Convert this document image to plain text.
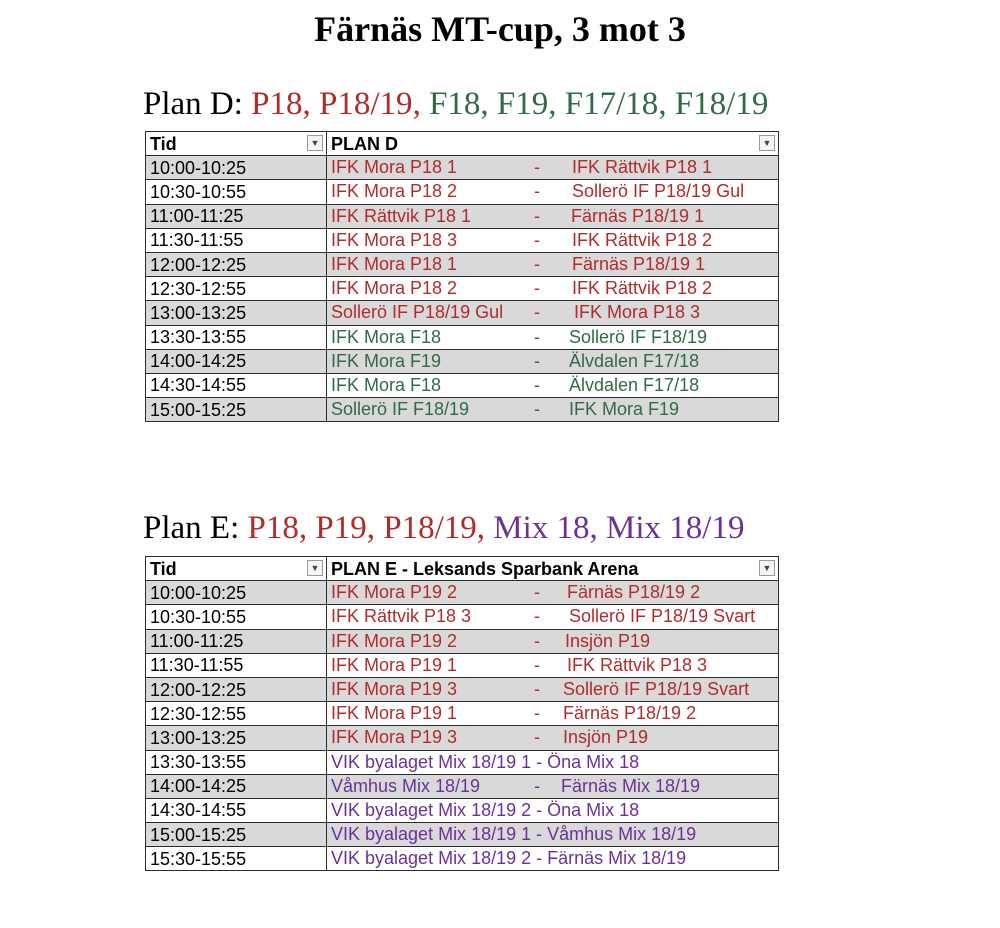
Färnäs MT-cup, 3 mot 3
Plan D: P18, P18/19, F18, F19, F17/18, F18/19
Tid ▼	PLAN D ▼

10:00-10:25	IFK Mora P18 1 - IFK Rättvik P18 1

10:30-10:55	IFK Mora P18 2 - Sollerö IF P18/19 Gul

11:00-11:25	IFK Rättvik P18 1 - Färnäs P18/19 1

11:30-11:55	IFK Mora P18 3 - IFK Rättvik P18 2

12:00-12:25	IFK Mora P18 1 - Färnäs P18/19 1

12:30-12:55	IFK Mora P18 2 - IFK Rättvik P18 2

13:00-13:25	Sollerö IF P18/19 Gul - IFK Mora P18 3

13:30-13:55	IFK Mora F18 - Sollerö IF F18/19

14:00-14:25	IFK Mora F19 - Älvdalen F17/18

14:30-14:55	IFK Mora F18 - Älvdalen F17/18

15:00-15:25	Sollerö IF F18/19 - IFK Mora F19
Plan E: P18, P19, P18/19, Mix 18, Mix 18/19
Tid ▼	PLAN E - Leksands Sparbank Arena ▼

10:00-10:25	IFK Mora P19 2 - Färnäs P18/19 2

10:30-10:55	IFK Rättvik P18 3 - Sollerö IF P18/19 Svart

11:00-11:25	IFK Mora P19 2 - Insjön P19

11:30-11:55	IFK Mora P19 1 - IFK Rättvik P18 3

12:00-12:25	IFK Mora P19 3 - Sollerö IF P18/19 Svart

12:30-12:55	IFK Mora P19 1 - Färnäs P18/19 2

13:00-13:25	IFK Mora P19 3 - Insjön P19

13:30-13:55	VIK byalaget Mix 18/19 1 - Öna Mix 18

14:00-14:25	Våmhus Mix 18/19 - Färnäs Mix 18/19

14:30-14:55	VIK byalaget Mix 18/19 2 - Öna Mix 18

15:00-15:25	VIK byalaget Mix 18/19 1 - Våmhus Mix 18/19

15:30-15:55	VIK byalaget Mix 18/19 2 - Färnäs Mix 18/19
